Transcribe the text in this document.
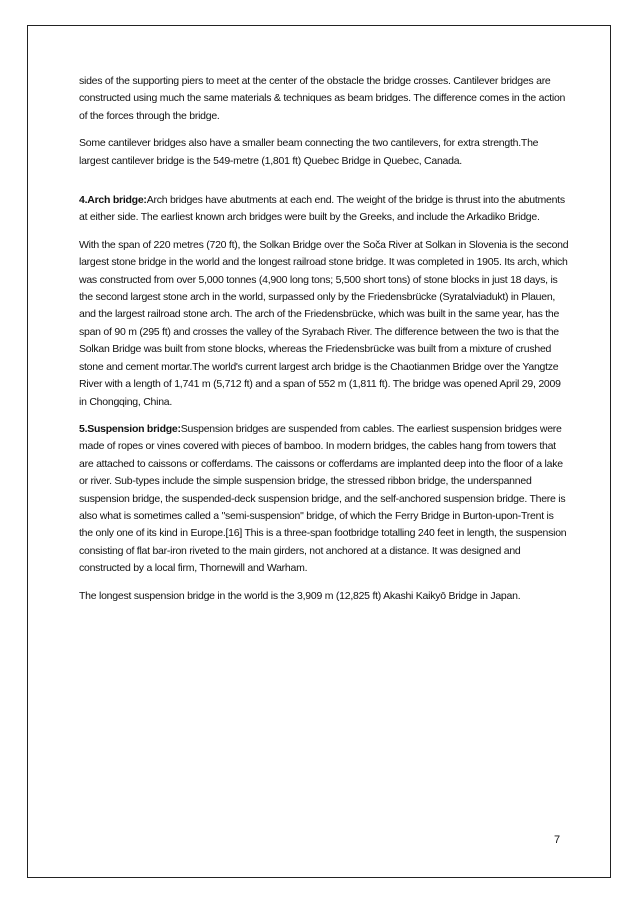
sides of the supporting piers to meet at the center of the obstacle the bridge crosses. Cantilever bridges are constructed using much the same materials & techniques as beam bridges. The difference comes in the action of the forces through the bridge.

Some cantilever bridges also have a smaller beam connecting the two cantilevers, for extra strength.The largest cantilever bridge is the 549-metre (1,801 ft) Quebec Bridge in Quebec, Canada.

4.Arch bridge:Arch bridges have abutments at each end. The weight of the bridge is thrust into the abutments at either side. The earliest known arch bridges were built by the Greeks, and include the Arkadiko Bridge.

With the span of 220 metres (720 ft), the Solkan Bridge over the Soča River at Solkan in Slovenia is the second largest stone bridge in the world and the longest railroad stone bridge. It was completed in 1905. Its arch, which was constructed from over 5,000 tonnes (4,900 long tons; 5,500 short tons) of stone blocks in just 18 days, is the second largest stone arch in the world, surpassed only by the Friedensbrücke (Syratalviadukt) in Plauen, and the largest railroad stone arch. The arch of the Friedensbrücke, which was built in the same year, has the span of 90 m (295 ft) and crosses the valley of the Syrabach River. The difference between the two is that the Solkan Bridge was built from stone blocks, whereas the Friedensbrücke was built from a mixture of crushed stone and cement mortar.The world's current largest arch bridge is the Chaotianmen Bridge over the Yangtze River with a length of 1,741 m (5,712 ft) and a span of 552 m (1,811 ft). The bridge was opened April 29, 2009 in Chongqing, China.

5.Suspension bridge:Suspension bridges are suspended from cables. The earliest suspension bridges were made of ropes or vines covered with pieces of bamboo. In modern bridges, the cables hang from towers that are attached to caissons or cofferdams. The caissons or cofferdams are implanted deep into the floor of a lake or river. Sub-types include the simple suspension bridge, the stressed ribbon bridge, the underspanned suspension bridge, the suspended-deck suspension bridge, and the self-anchored suspension bridge. There is also what is sometimes called a "semi-suspension" bridge, of which the Ferry Bridge in Burton-upon-Trent is the only one of its kind in Europe.[16] This is a three-span footbridge totalling 240 feet in length, the suspension consisting of flat bar-iron riveted to the main girders, not anchored at a distance. It was designed and constructed by a local firm, Thornewill and Warham.

The longest suspension bridge in the world is the 3,909 m (12,825 ft) Akashi Kaikyō Bridge in Japan.

7
